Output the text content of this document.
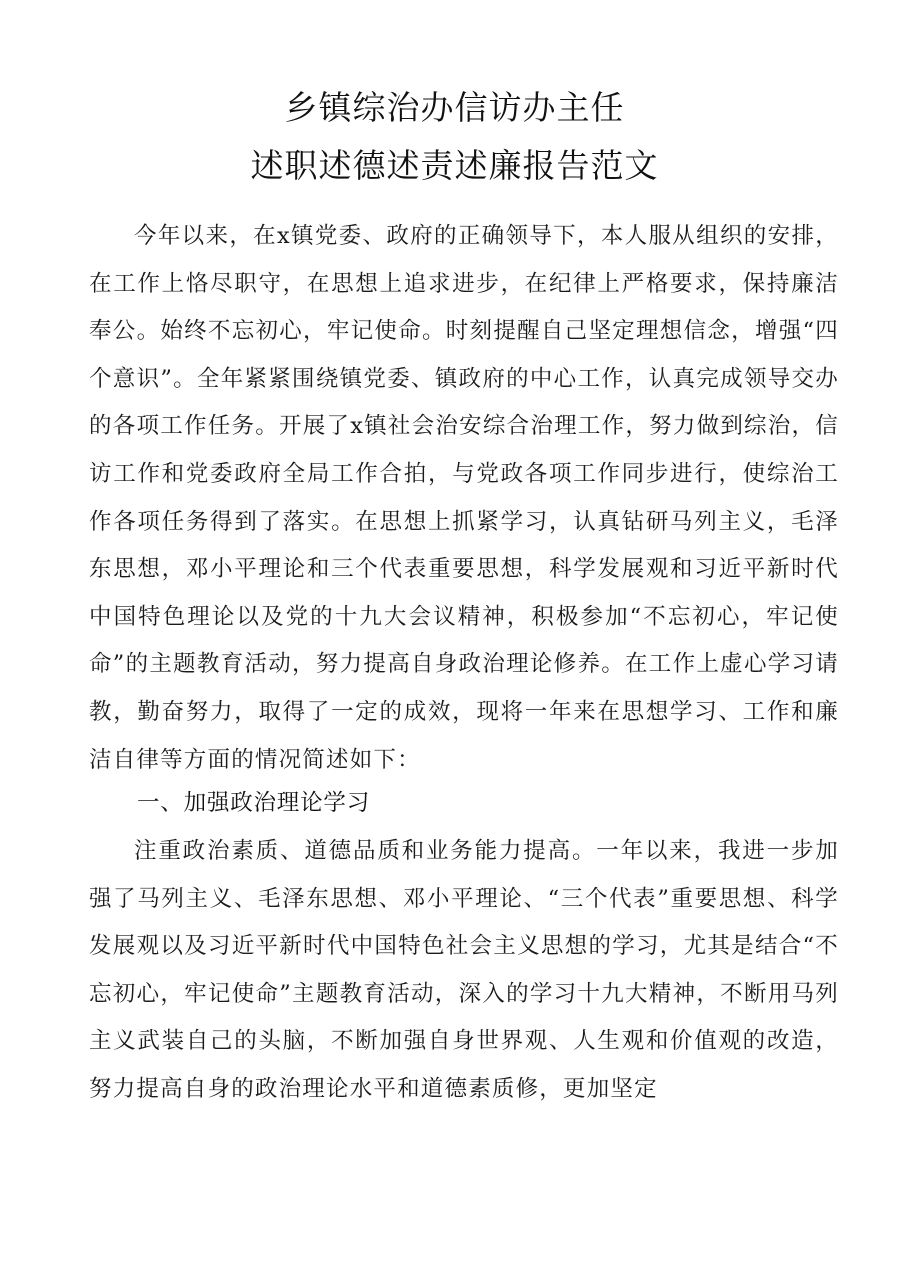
乡镇综治办信访办主任
述职述德述责述廉报告范文

今年以来，在x镇党委、政府的正确领导下，本人服从组织的安排，在工作上恪尽职守，在思想上追求进步，在纪律上严格要求，保持廉洁奉公。始终不忘初心，牢记使命。时刻提醒自己坚定理想信念，增强“四个意识”。全年紧紧围绕镇党委、镇政府的中心工作，认真完成领导交办的各项工作任务。开展了x镇社会治安综合治理工作，努力做到综治，信访工作和党委政府全局工作合拍，与党政各项工作同步进行，使综治工作各项任务得到了落实。在思想上抓紧学习，认真钻研马列主义，毛泽东思想，邓小平理论和三个代表重要思想，科学发展观和习近平新时代中国特色理论以及党的十九大会议精神，积极参加“不忘初心，牢记使命”的主题教育活动，努力提高自身政治理论修养。在工作上虚心学习请教，勤奋努力，取得了一定的成效，现将一年来在思想学习、工作和廉洁自律等方面的情况简述如下：

一、加强政治理论学习

注重政治素质、道德品质和业务能力提高。一年以来，我进一步加强了马列主义、毛泽东思想、邓小平理论、“三个代表”重要思想、科学发展观以及习近平新时代中国特色社会主义思想的学习，尤其是结合“不忘初心，牢记使命”主题教育活动，深入的学习十九大精神，不断用马列主义武装自己的头脑，不断加强自身世界观、人生观和价值观的改造，努力提高自身的政治理论水平和道德素质修，更加坚定
